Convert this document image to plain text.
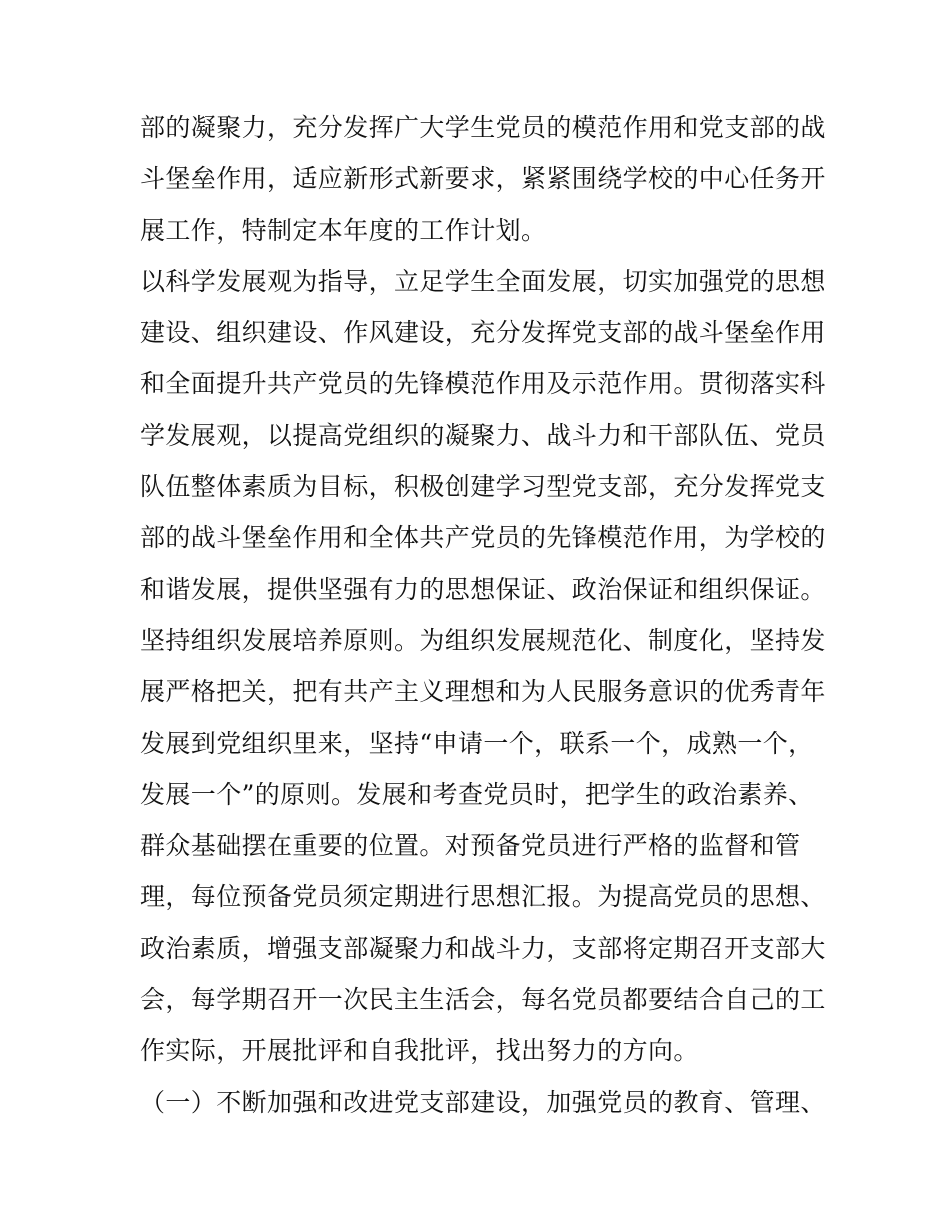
部的凝聚力，充分发挥广大学生党员的模范作用和党支部的战
斗堡垒作用，适应新形式新要求，紧紧围绕学校的中心任务开
展工作，特制定本年度的工作计划。
以科学发展观为指导，立足学生全面发展，切实加强党的思想
建设、组织建设、作风建设，充分发挥党支部的战斗堡垒作用
和全面提升共产党员的先锋模范作用及示范作用。贯彻落实科
学发展观，以提高党组织的凝聚力、战斗力和干部队伍、党员
队伍整体素质为目标，积极创建学习型党支部，充分发挥党支
部的战斗堡垒作用和全体共产党员的先锋模范作用，为学校的
和谐发展，提供坚强有力的思想保证、政治保证和组织保证。
坚持组织发展培养原则。为组织发展规范化、制度化，坚持发
展严格把关，把有共产主义理想和为人民服务意识的优秀青年
发展到党组织里来，坚持“申请一个，联系一个，成熟一个，
发展一个”的原则。发展和考查党员时，把学生的政治素养、
群众基础摆在重要的位置。对预备党员进行严格的监督和管
理，每位预备党员须定期进行思想汇报。为提高党员的思想、
政治素质，增强支部凝聚力和战斗力，支部将定期召开支部大
会，每学期召开一次民主生活会，每名党员都要结合自己的工
作实际，开展批评和自我批评，找出努力的方向。
（一）不断加强和改进党支部建设，加强党员的教育、管理、
